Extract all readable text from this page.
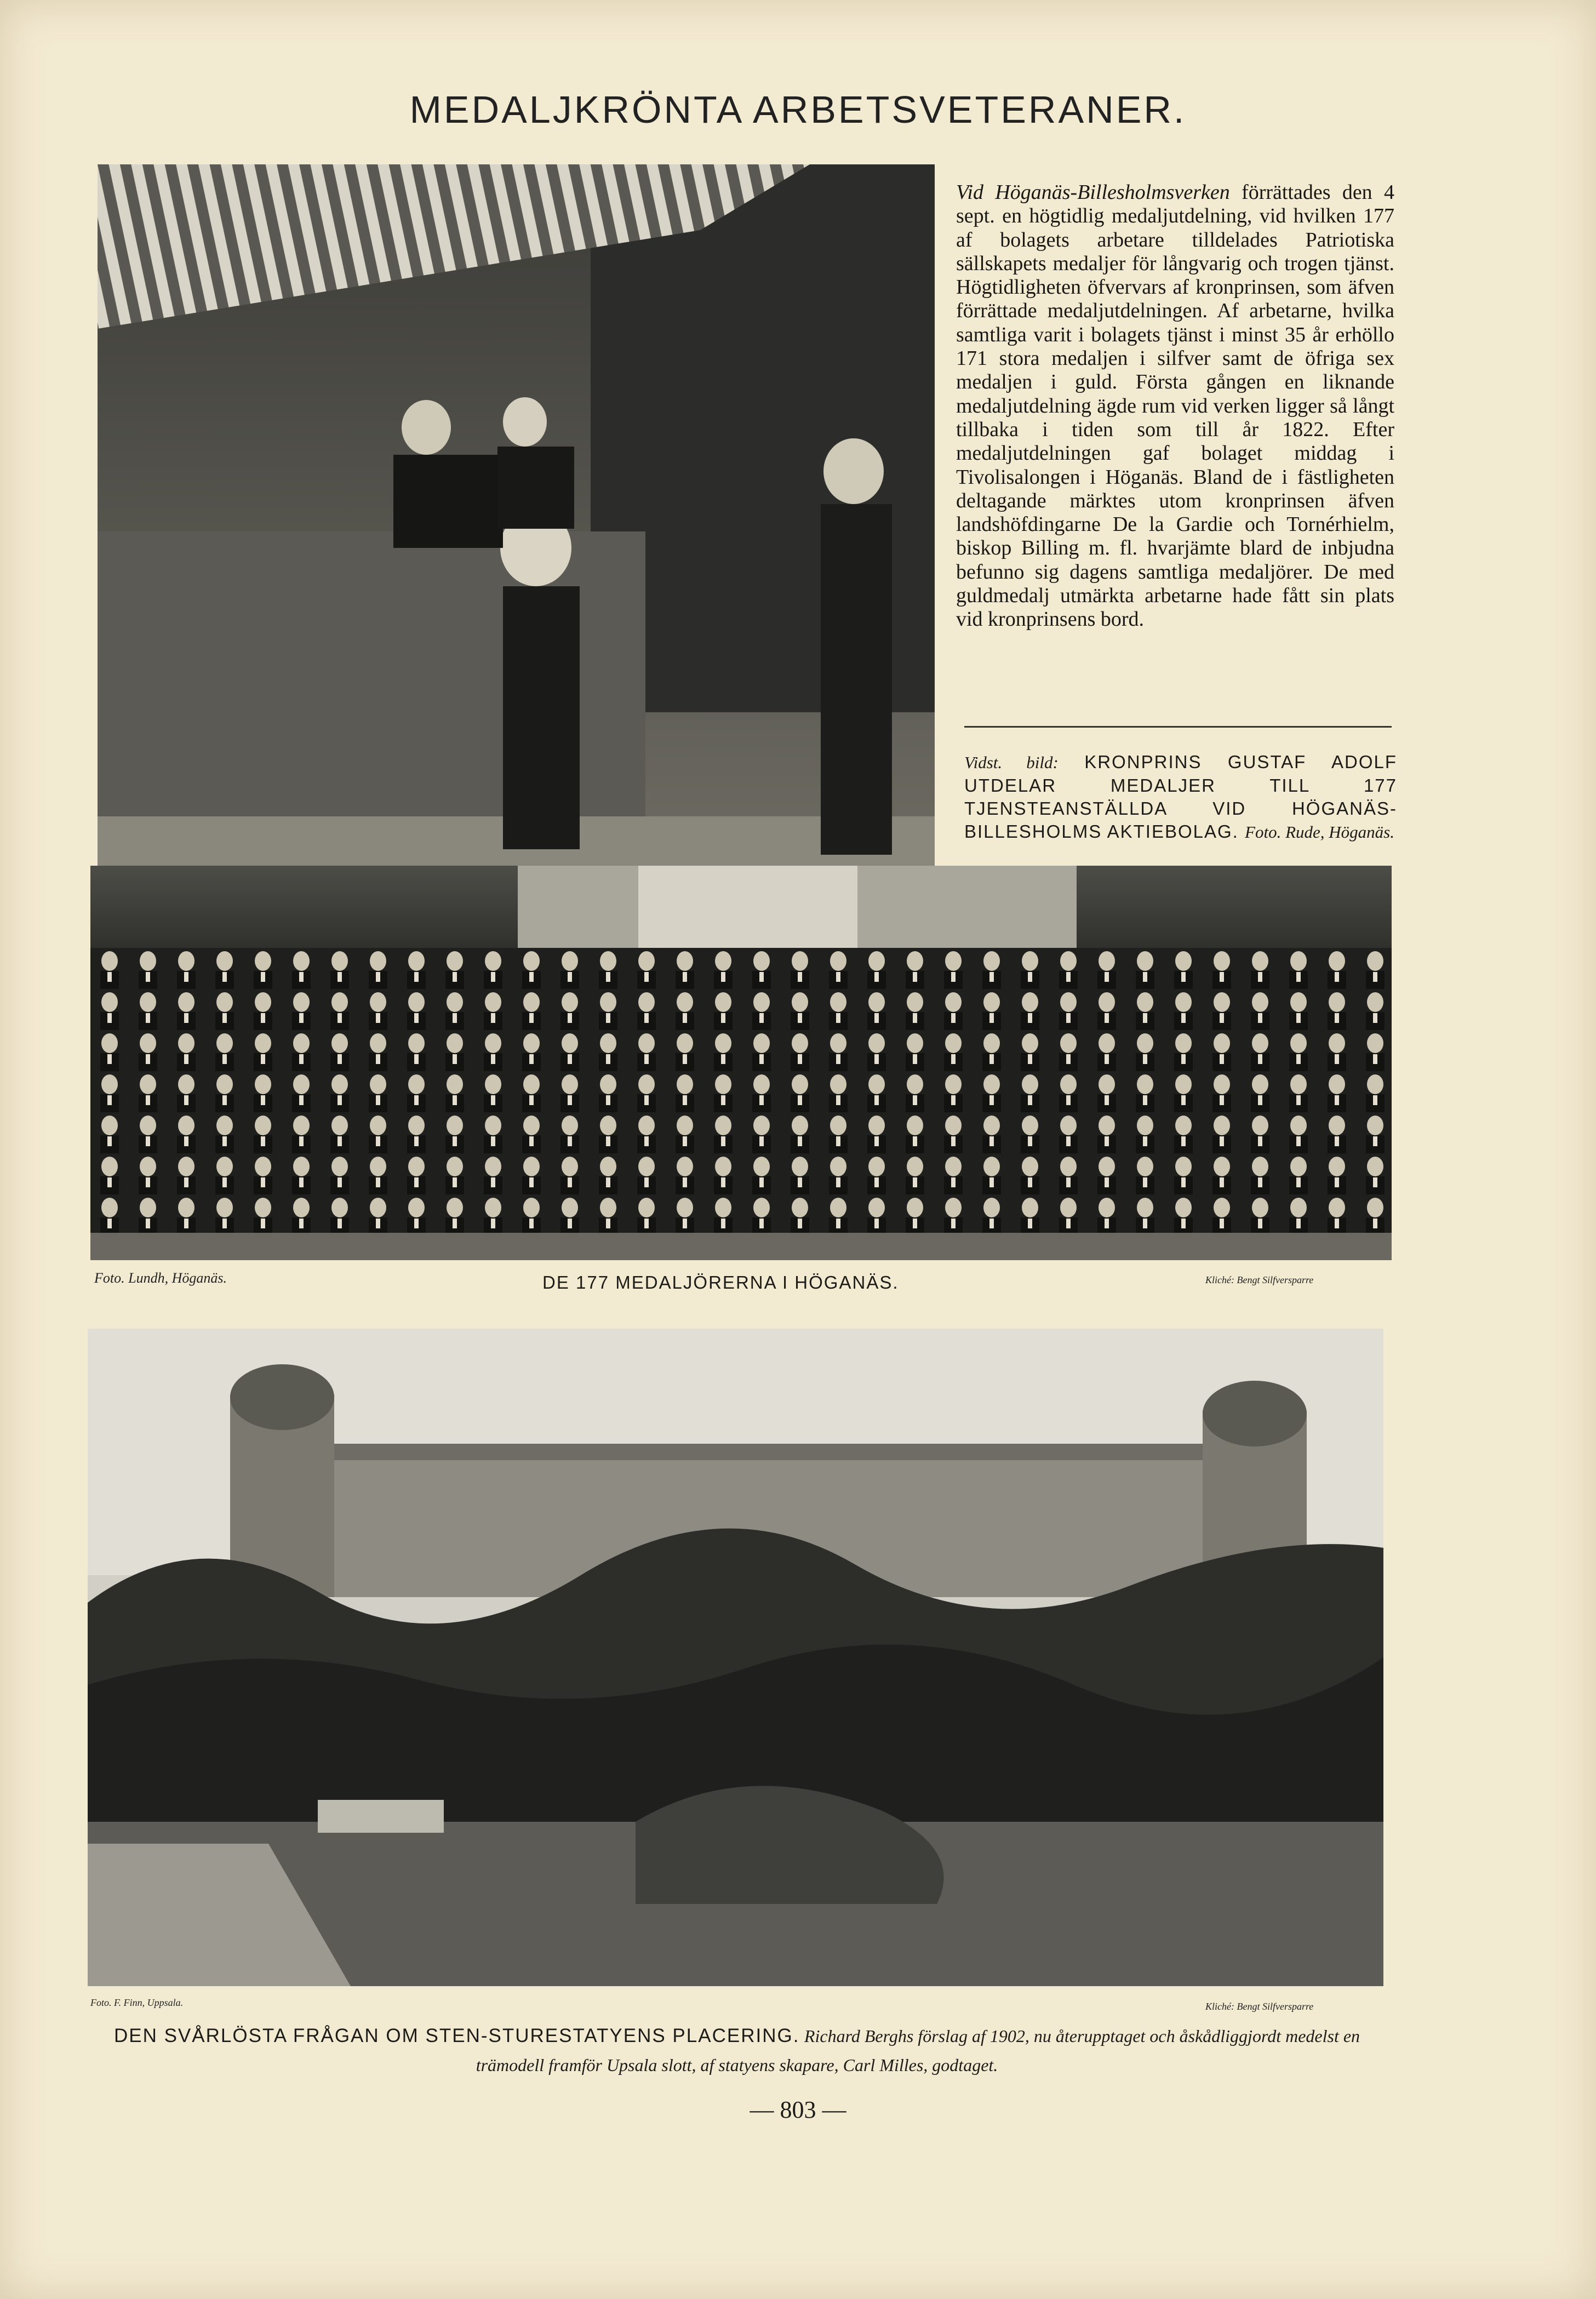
MEDALJKRÖNTA ARBETSVETERANER.
Vid Höganäs-Billesholmsverken förrättades den 4 sept. en högtidlig medaljutdelning, vid hvilken 177 af bolagets arbetare tilldelades Patriotiska sällskapets medaljer för långvarig och trogen tjänst. Högtidligheten öfvervars af kronprinsen, som äfven förrättade medaljutdelningen. Af arbetarne, hvilka samtliga varit i bolagets tjänst i minst 35 år erhöllo 171 stora medaljen i silfver samt de öfriga sex medaljen i guld. Första gången en liknande medaljutdelning ägde rum vid verken ligger så långt tillbaka i tiden som till år 1822. Efter medaljutdelningen gaf bolaget middag i Tivolisalongen i Höganäs. Bland de i fästligheten deltagande märktes utom kronprinsen äfven landshöfdingarne De la Gardie och Tornérhielm, biskop Billing m. fl. hvarjämte blard de inbjudna befunno sig dagens samtliga medaljörer. De med guldmedalj utmärkta arbetarne hade fått sin plats vid kronprinsens bord.
Vidst. bild: KRONPRINS GUSTAF ADOLF UTDELAR MEDALJER TILL 177 TJENSTEANSTÄLLDA VID HÖGANÄS-BILLESHOLMS AKTIEBOLAG. Foto. Rude, Höganäs.
Foto. Lundh, Höganäs.	DE 177 MEDALJÖRERNA I HÖGANÄS.	Kliché: Bengt Silfversparre
Foto. F. Finn, Uppsala.	Kliché: Bengt Silfversparre
DEN SVÅRLÖSTA FRÅGAN OM STEN-STURESTATYENS PLACERING. Richard Berghs förslag af 1902, nu återupptaget och åskådliggjordt medelst en trämodell framför Upsala slott, af statyens skapare, Carl Milles, godtaget.
— 803 —
